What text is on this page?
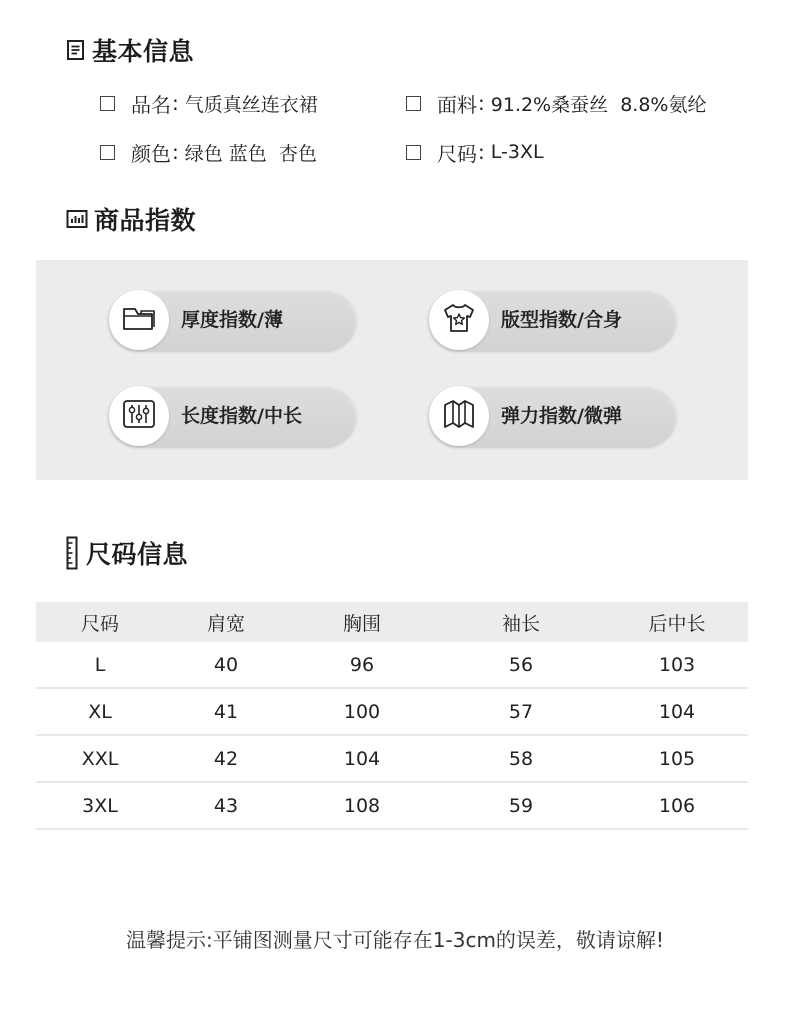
基本信息
品名 : 气质真丝连衣裙	面料 : 91.2%桑蚕丝  8.8%氨纶
颜色 : 绿色 蓝色  杏色	尺码 : L-3XL
商品指数
厚度指数/薄	版型指数/合身
长度指数/中长	弹力指数/微弹
尺码信息
尺码	肩宽	胸围	袖长	后中长
L	40	96	56	103
XL	41	100	57	104
XXL	42	104	58	105
3XL	43	108	59	106
温馨提示:平铺图测量尺寸可能存在1-3cm的误差，敬请谅解!
